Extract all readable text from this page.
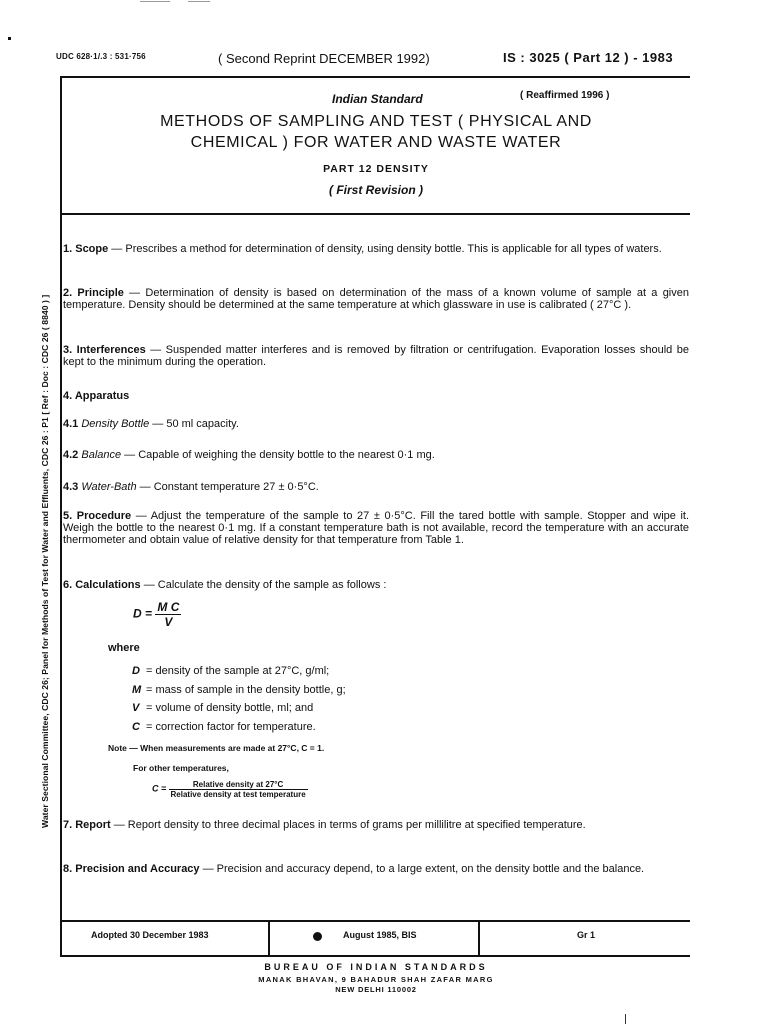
UDC 628·1/.3 : 531·756	( Second Reprint DECEMBER 1992)	IS : 3025 ( Part 12 ) - 1983
Water Sectional Committee, CDC 26; Panel for Methods of Test for Water and Effluents, CDC 26 : P1 [ Ref : Doc : CDC 26 ( 8840 ) ]
Indian Standard	( Reaffirmed 1996 )
METHODS OF SAMPLING AND TEST ( PHYSICAL AND
CHEMICAL ) FOR WATER AND WASTE WATER
PART 12 DENSITY
( First Revision )
1. Scope — Prescribes a method for determination of density, using density bottle. This is applicable for all types of waters.
2. Principle — Determination of density is based on determination of the mass of a known volume of sample at a given temperature. Density should be determined at the same temperature at which glassware in use is calibrated ( 27°C ).
3. Interferences — Suspended matter interferes and is removed by filtration or centrifugation. Evaporation losses should be kept to the minimum during the operation.
4. Apparatus
4.1 Density Bottle — 50 ml capacity.
4.2 Balance — Capable of weighing the density bottle to the nearest 0·1 mg.
4.3 Water-Bath — Constant temperature 27 ± 0·5°C.
5. Procedure — Adjust the temperature of the sample to 27 ± 0·5°C. Fill the tared bottle with sample. Stopper and wipe it. Weigh the bottle to the nearest 0·1 mg. If a constant temperature bath is not available, record the temperature with an accurate thermometer and obtain value of relative density for that temperature from Table 1.
6. Calculations — Calculate the density of the sample as follows :
$D = \frac{\text{M C}}{V}$
where
D = density of the sample at 27°C, g/ml;
M = mass of sample in the density bottle, g;
V = volume of density bottle, ml; and
C = correction factor for temperature.
Note — When measurements are made at 27°C, C = 1.
For other temperatures,
$C = \frac{\text{Relative density at 27°C}}{\text{Relative density at test temperature}}$
7. Report — Report density to three decimal places in terms of grams per millilitre at specified temperature.
8. Precision and Accuracy — Precision and accuracy depend, to a large extent, on the density bottle and the balance.
Adopted 30 December 1983	August 1985, BIS	Gr 1
BUREAU OF INDIAN STANDARDS
MANAK BHAVAN, 9 BAHADUR SHAH ZAFAR MARG
NEW DELHI 110002
